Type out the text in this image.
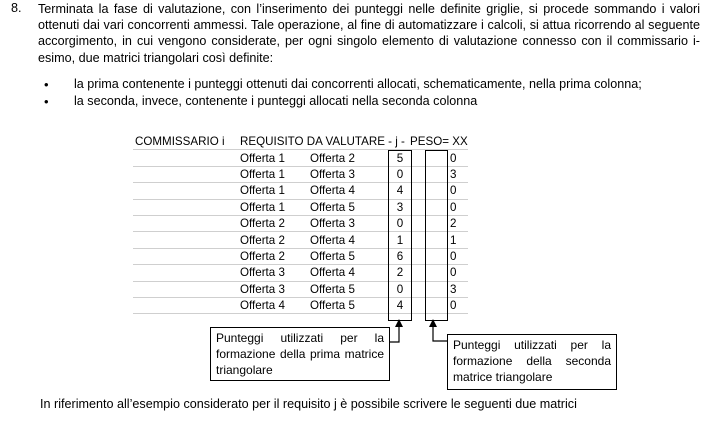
8. Terminata la fase di valutazione, con l’inserimento dei punteggi nelle definite griglie, si procede sommando i valori ottenuti dai vari concorrenti ammessi. Tale operazione, al fine di automatizzare i calcoli, si attua ricorrendo al seguente accorgimento, in cui vengono considerate, per ogni singolo elemento di valutazione connesso con il commissario i-esimo, due matrici triangolari così definite:
• la prima contenente i punteggi ottenuti dai concorrenti allocati, schematicamente, nella prima colonna;
• la seconda, invece, contenente i punteggi allocati nella seconda colonna
COMMISSARIO i	REQUISITO DA VALUTARE - j -			PESO= XX	
	Offerta 1	Offerta 2	5		0
	Offerta 1	Offerta 3	0		3
	Offerta 1	Offerta 4	4		0
	Offerta 1	Offerta 5	3		0
	Offerta 2	Offerta 3	0		2
	Offerta 2	Offerta 4	1		1
	Offerta 2	Offerta 5	6		0
	Offerta 3	Offerta 4	2		0
	Offerta 3	Offerta 5	0		3
	Offerta 4	Offerta 5	4		0
Punteggi utilizzati per la formazione della prima matrice triangolare
Punteggi utilizzati per la formazione della seconda matrice triangolare
In riferimento all’esempio considerato per il requisito j è possibile scrivere le seguenti due matrici
